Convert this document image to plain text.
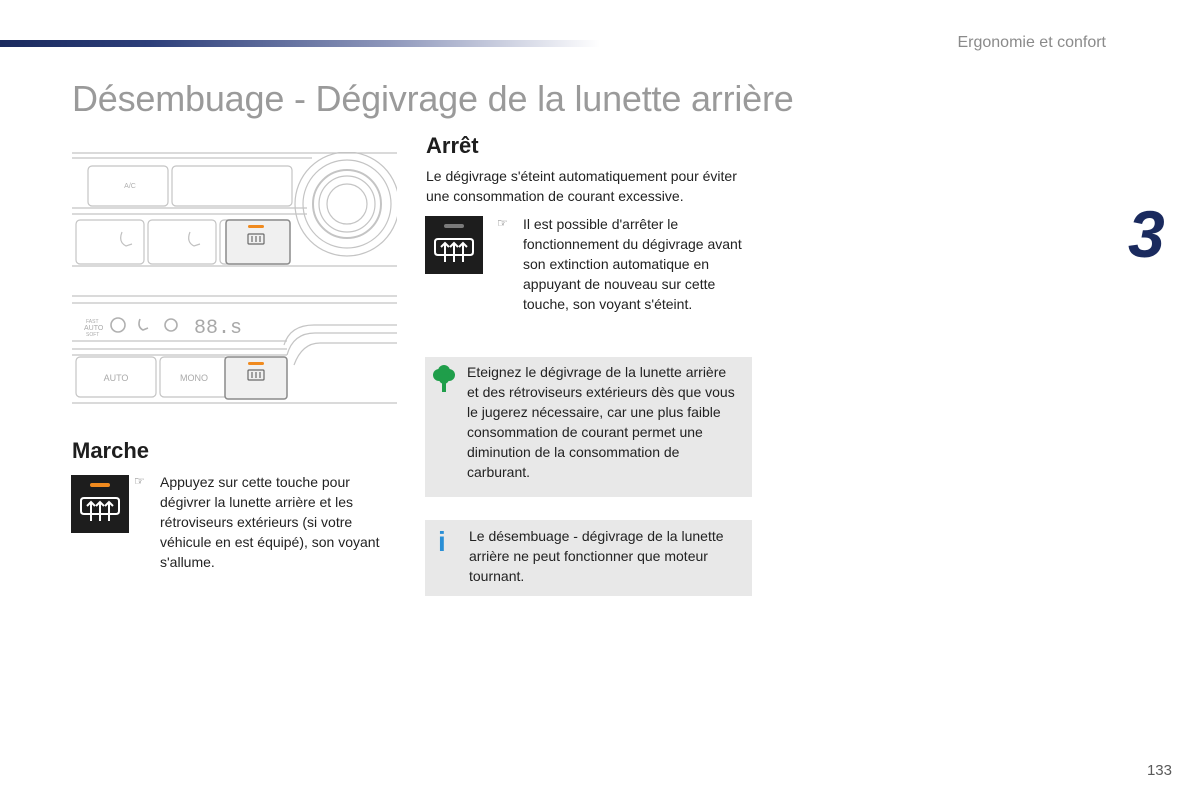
Ergonomie et confort
Désembuage - Dégivrage de la lunette arrière
3
A/C
FAST
AUTO
SOFT	88.s
AUTO	MONO
Marche
☞ Appuyez sur cette touche pour dégivrer la lunette arrière et les rétroviseurs extérieurs (si votre véhicule en est équipé), son voyant s'allume.
Arrêt
Le dégivrage s'éteint automatiquement pour éviter une consommation de courant excessive.
☞ Il est possible d'arrêter le fonctionnement du dégivrage avant son extinction automatique en appuyant de nouveau sur cette touche, son voyant s'éteint.
Eteignez le dégivrage de la lunette arrière et des rétroviseurs extérieurs dès que vous le jugerez nécessaire, car une plus faible consommation de courant permet une diminution de la consommation de carburant.
i Le désembuage - dégivrage de la lunette arrière ne peut fonctionner que moteur tournant.
133
